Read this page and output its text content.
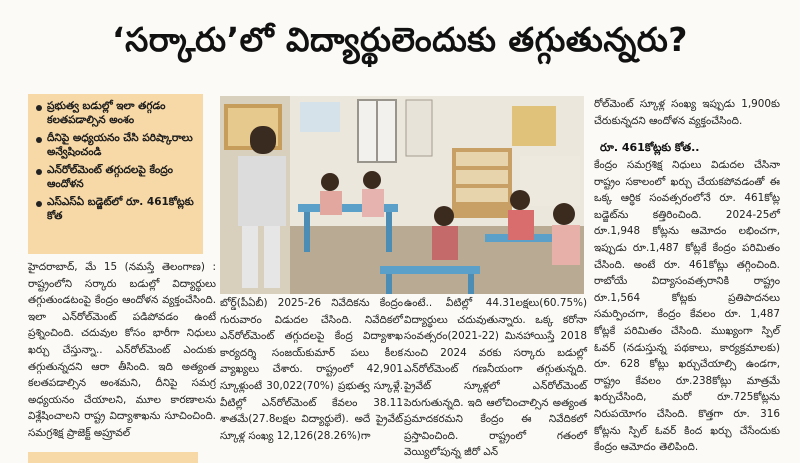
‘సర్కారు’లో విద్యార్థులెందుకు తగ్గుతున్నరు?
ప్రభుత్వ బడుల్లో ఇలా తగ్గడం కలతపడాల్సిన అంశం
దీనిపై అధ్యయనం చేసి పరిష్కారాలు అన్వేషించండి
ఎన్‌రోల్‌మెంట్‌ తగ్గుదలపై కేంద్రం ఆందోళన
ఎస్‌ఎస్‌ఏ బడ్జెట్‌లో రూ. 461కోట్లకు కోత

రోల్‌మెంట్‌ స్కూళ్ల సంఖ్య ఇప్పుడు 1,900కు చేరుకున్నదని ఆందోళన వ్యక్తంచేసింది.

రూ. 461కోట్లకు కోత..

కేంద్రం సమగ్రశిక్ష నిధులు విడుదల చేసినా రాష్ట్రం సకాలంలో ఖర్చు చేయకపోవడంతో ఈ ఒక్క ఆర్థిక సంవత్సరంలోనే రూ. 461కోట్ల బడ్జెట్‌ను కత్తిరించింది. 2024-25లో రూ.1,948 కోట్లను ఆమోదం లభించగా, ఇప్పుడు రూ.1,487 కోట్లకే కేంద్రం పరిమితం చేసింది. అంటే రూ. 461కోట్లు తగ్గించింది. రాబోయే విద్యాసంవత్సరానికి రాష్ట్రం రూ.1,564 కోట్లకు ప్రతిపాదనలు సమర్పించగా, కేంద్రం కేవలం రూ. 1,487 కోట్లకే పరిమితం చేసింది. ముఖ్యంగా స్పిల్‌ ఓవర్‌ (నడుస్తున్న పథకాలు, కార్యక్రమాలకు) రూ. 628 కోట్లు ఖర్చుచేయాల్సి ఉండగా, రాష్ట్రం కేవలం రూ.238కోట్లు మాత్రమే ఖర్చుచేసింది, మరో రూ.725కోట్లను నిరుపయోగం చేసింది. కొత్తగా రూ. 316 కోట్లను స్పిల్‌ ఓవర్‌ కింద ఖర్చు చేసేందుకు కేంద్రం ఆమోదం తెలిపింది.

హైదరాబాద్‌, మే 15 (నమస్తే తెలంగాణ) : రాష్ట్రంలోని సర్కారు బడుల్లో విద్యార్థులు తగ్గుతుండటంపై కేంద్రం ఆందోళన వ్యక్తంచేసింది. ఇలా ఎన్‌రోల్‌మెంట్‌ పడిపోవడం ఉంటే ప్రశ్నించింది. చదువుల కోసం భారీగా నిధులు ఖర్చు చేస్తున్నా.. ఎన్‌రోల్‌మెంట్‌ ఎందుకు తగ్గుతున్నదని ఆరా తీసింది. ఇది అత్యంత కలతపడాల్సిన అంశమని, దీనిపై సమగ్ర అధ్యయనం చేయాలని, మూల కారణాలను విశ్లేషించాలని రాష్ట్ర విద్యాశాఖను సూచించింది. సమగ్రశిక్ష ప్రాజెక్ట్‌ అప్రూవల్‌

బోర్డ్‌(పీఏబీ) 2025-26 నివేదికను కేంద్రం గురువారం విడుదల చేసింది. నివేదికలో ఎన్‌రోల్‌మెంట్‌ తగ్గుదలపై కేంద్ర విద్యాశాఖ కార్యదర్శి సంజయ్‌కుమార్‌ పలు కీలక వ్యాఖ్యలు చేశారు. రాష్ట్రంలో 42,901 స్కూళ్లుంటే 30,022(70%) ప్రభుత్వ స్కూళ్లే. వీటిల్లో ఎన్‌రోల్‌మెంట్‌ కేవలం 38.11 శాతమే(27.8లక్షల విద్యార్థులే). అదే ప్రైవేట్‌ స్కూళ్ల సంఖ్య 12,126(28.26%)గా

ఉంటే.. వీటిల్లో 44.31లక్షలు(60.75%) విద్యార్థులు చదువుతున్నారు. ఒక్క కరోనా సంవత్సరం(2021-22) మినహాయిస్తే 2018 నుంచి 2024 వరకు సర్కారు బడుల్లో ఎన్‌రోల్‌మెంట్‌ గణనీయంగా తగ్గుతున్నది. ప్రైవేట్‌ స్కూళ్లలో ఎన్‌రోల్‌మెంట్‌ పెరుగుతున్నది. ఇది ఆలోచించాల్సిన అత్యంత ప్రమాదకరమని కేంద్రం ఈ నివేదికలో ప్రస్తావించింది. రాష్ట్రంలో గతంలో వెయ్యిలోపున్న జీరో ఎన్‌
